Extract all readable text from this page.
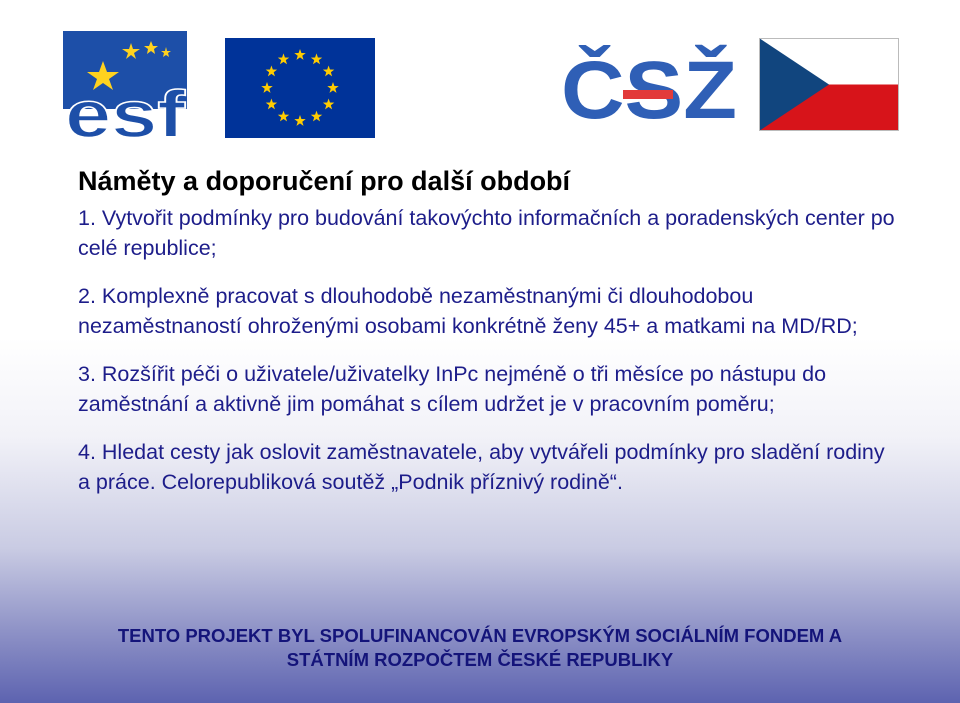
esf	ČSŽ
Náměty a doporučení pro další období

1. Vytvořit podmínky pro budování takovýchto informačních a poradenských center po celé republice;

2. Komplexně pracovat s dlouhodobě nezaměstnanými či dlouhodobou nezaměstnaností ohroženými osobami konkrétně ženy 45+ a matkami na MD/RD;

3. Rozšířit péči o uživatele/uživatelky InPc nejméně o tři měsíce po nástupu do zaměstnání a aktivně jim pomáhat s cílem udržet je v pracovním poměru;

4. Hledat cesty jak oslovit zaměstnavatele, aby vytvářeli podmínky pro sladění rodiny a práce. Celorepubliková soutěž „Podnik příznivý rodině“.

TENTO PROJEKT BYL SPOLUFINANCOVÁN EVROPSKÝM SOCIÁLNÍM FONDEM A
STÁTNÍM ROZPOČTEM ČESKÉ REPUBLIKY
